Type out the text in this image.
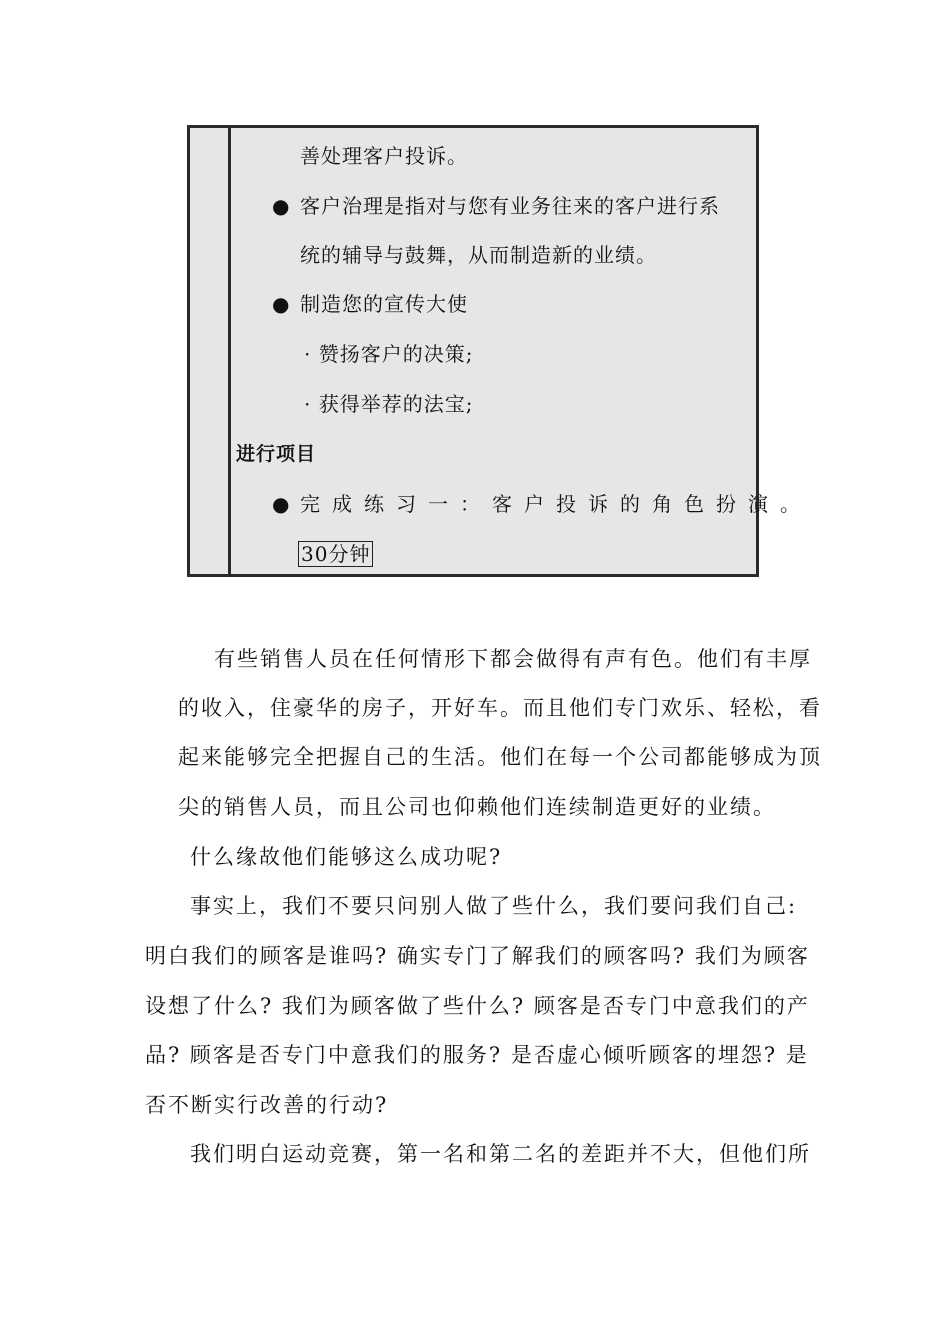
善处理客户投诉。
● 客户治理是指对与您有业务往来的客户进行系
统的辅导与鼓舞，从而制造新的业绩。
● 制造您的宣传大使
· 赞扬客户的决策;
· 获得举荐的法宝;
进行项目
● 完成练习一：客户投诉的角色扮演。
30分钟
有些销售人员在任何情形下都会做得有声有色。他们有丰厚
的收入，住豪华的房子，开好车。而且他们专门欢乐、轻松，看
起来能够完全把握自己的生活。他们在每一个公司都能够成为顶
尖的销售人员，而且公司也仰赖他们连续制造更好的业绩。
什么缘故他们能够这么成功呢?
事实上，我们不要只问别人做了些什么，我们要问我们自己:
明白我们的顾客是谁吗? 确实专门了解我们的顾客吗? 我们为顾客
设想了什么? 我们为顾客做了些什么? 顾客是否专门中意我们的产
品? 顾客是否专门中意我们的服务? 是否虚心倾听顾客的埋怨? 是
否不断实行改善的行动?
我们明白运动竞赛，第一名和第二名的差距并不大，但他们所
